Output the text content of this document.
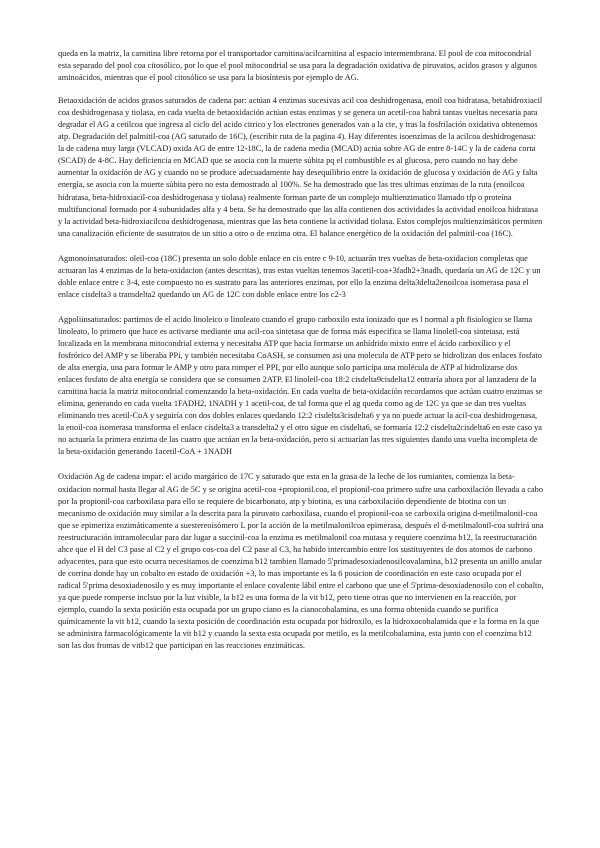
queda en la matriz, la carnitina libre retorna por el transportador carnitina/acilcarnitina al espacio intermembrana. El pool de coa mitocondrial esta separado del pool coa citosólico, por lo que el pool mitocondrial se usa para la degradación oxidativa de piruvatos, acidos grasos y algunos aminoácidos, mientras que el pool citosólico se usa para la biosíntesis por ejemplo de AG.

Betaoxidación de acidos grasos saturados de cadena par: actúan 4 enzimas sucesivas acil coa deshidrogenasa, enoil coa hidratasa, betahidroxiacil coa deshidrogenasa y tiolasa, en cada vuelta de betaoxidación actúan estas enzimas y se genera un acetil-coa habrá tantas vueltas necesaria para degradar el AG a cetilcoa que ingresa al ciclo del acido citrico y los electrones generados van a la cte, y tras la fosfrilación oxidativa obtenemos atp. Degradación del palmitil-coa (AG saturado de 16C), (escribir ruta de la pagina 4). Hay diferentes isoenzimas de la acilcoa deshidrogenasa: la de cadena muy larga (VLCAD) oxida AG de entre 12-18C, la de cadena media (MCAD) actúa sobre AG de entre 8-14C y la de cadena corta (SCAD) de 4-8C. Hay deficiencia en MCAD que se asocia con la muerte súbita pq el combustible es al glucosa, pero cuando no hay debe aumentar la oxidación de AG y cuando no se produce adecuadamente hay desequilibrio entre la oxidación de glucosa y oxidación de AG y falta energía, se asocia con la muerte súbita pero no esta demostrado al 100%. Se ha demostrado que las tres ultimas enzimas de la ruta (enoilcoa hidratasa, beta-hidroxiacil-coa deshidrogenasa y tiolasa) realmente forman parte de un complejo multienzimatico llamado tfp o proteína multifuncional formado por 4 subunidades alfa y 4 beta. Se ha demostrado que las alfa contienen dos actividades la actividad enoilcoa hidratasa y la actividad beta-hidroxiacilcoa deshidrogenasa, mientras que las beta contiene la actividad tiolasa. Estos complejos multienzimáticos permiten una canalización eficiente de susutratos de un sitio a otro o de enzima otra. El balance energético de la oxidación del palmitil-coa (16C).

Agmonoinsaturados: oleil-coa (18C) presenta un solo doble enlace en cis entre c 9-10, actuarán tres vueltas de beta-oxidacion completas que actuaran las 4 enzimas de la beta-oxidacion (antes descritas), tras estas vueltas tenemos 3acetil-coa+3fadh2+3nadh, quedaría un AG de 12C y un doble enlace entre c 3-4, este compuesto no es sustrato para las anteriores enzimas, por ello la enzima delta3delta2enoilcoa isomerasa pasa el enlace cisdelta3 a transdelta2 quedando un AG de 12C con doble enlace entre los c2-3

Agpoliinsaturados: partimos de el acido linoleico o linoleato cuando el grupo carboxilo esta ionizado que es l normal a ph fisiologico se llama linoleato, lo primero que hace es activarse mediante una acil-coa sintetasa que de forma más especifica se llama linoleil-coa sintetasa, está localizada en la membrana mitocondrial externa y necesitaba ATP que hacia formarse un anhídrido mixto entre el ácido carboxílico y el fosfrórico del AMP y se liberaba PPi, y también necesitaba CoASH, se consumen asi una molecula de ATP pero se hidrolizan dos enlaces fosfato de alta energía, una para formar le AMP y otro para romper el PPI, por ello aunque solo participa una molécula de ATP al hidrolizarse dos enlaces fosfato de alta energía se considera que se consumen 2ATP. El linoleil-coa 18:2 cisdelta9cisdelta12 entraría ahora por al lanzadera de la carnitina hacia la matriz mitocondrial comenzando la beta-oxidación. En cada vuelta de beta-oxidación recordamos que actúan cuatro enzimas se elimina, generando en cada vuelta 1FADH2, 1NADH y 1 acetil-coa, de tal forma que el ag queda como ag de 12C ya que se dan tres vueltas eliminando tres acetil-CoA y seguiría con dos dobles enlaces quedando 12:2 cisdelta3cisdelta6 y ya no puede actuar la acil-coa deshidrogenasa, la enoil-coa isomerasa transforma el enlace cisdelta3 a transdelta2 y el otro sigue en cisdelta6, se formaría 12:2 cisdelta2cisdelta6 en este caso ya no actuaría la primera enzima de las cuatro que actúan en la beta-oxidación, pero si actuarían las tres siguientes dando una vuelta incompleta de la beta-oxidación generando 1acetil-CoA + 1NADH

Oxidación Ag de cadena impar: el acido margárico de 17C y saturado que esta en la grasa de la leche de los rumiantes, comienza la beta-oxidacion normal hasta llegar al AG de 5C y se origina acetil-coa +propionil.coa, el propionil-coa primero sufre una carboxilación llevada a cabo por la propionil-coa carboxilasa para ello se requiere de bicarbonato, atp y biotina, es una carboxilación dependiente de biotina con un mecanismo de oxidación muy similar a la descrita para la piruvato carboxilasa, cuando el propionil-coa se carboxila origina d-metilmaloniI-coa que se epimeriza enzimáticamente a suestereoisómero L por la acción de la metilmalonilcoa epimerasa, después el d-metilmalonil-coa sufrirá una reestructuración intramolecular para dar lugar a succinil-coa la enzima es metilmalonil coa mutasa y requiere coenzima b12, la reestructuración ahce que el H del C3 pase al C2 y el grupo cos-coa del C2 pase al C3, ha habido intercambio entre los sustituyentes de dos atomos de carbono adyacentes, para que esto ocurra necesitamos de coenzima b12 tambien llamado 5'primadesoxiadenosilcovalamina, b12 presenta un anillo anular de corrina donde hay un cobalto en estado de oxidación +3, lo mas importante es la 6 posicion de coordinación en este caso ocupada por el radical 5'prima desoxiadenosilo y es muy importante el enlace covalente lábil entre el carbono que une el 5'prima-desoxiadenosilo con el cobalto, ya que puede romperse inclsuo por la luz visible, la b12 es una forma de la vit b12, pero tiene otras que no intervienen en la reacción, por ejemplo, cuando la sexta posición esta ocupada por un grupo ciano es la cianocobalamina, es una forma obtenida cuando se purifica químicamente la vit b12, cuando la sexta posición de coordinación esta ocupada por hidroxilo, es la hidroxocobalamida que e la forma en la que se administra farmacológicamente la vit b12 y cuando la sexta esta ocupada por metilo, es la metilcobalamina, esta junto con el coenzima b12 son las dos fromas de vitb12 que participan en las reacciones enzimáticas.
